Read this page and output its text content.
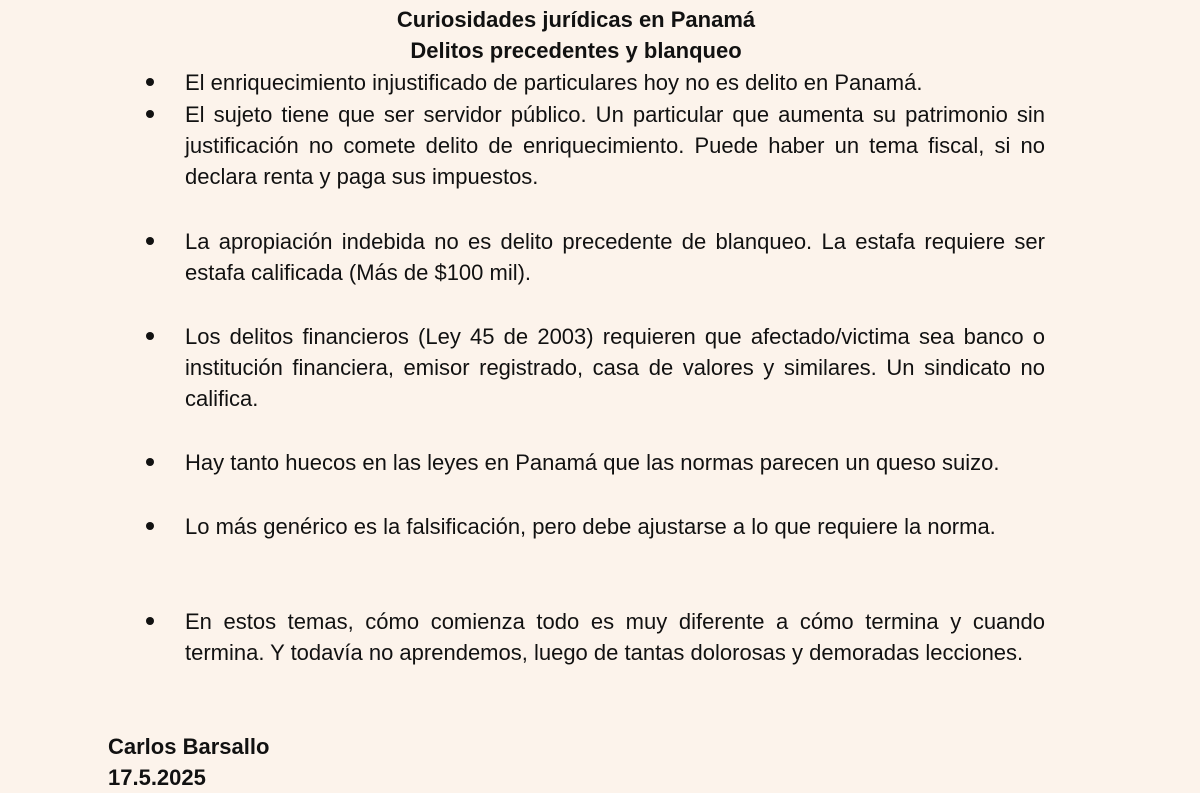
Curiosidades jurídicas en Panamá
Delitos precedentes y blanqueo
El enriquecimiento injustificado de particulares hoy no es delito en Panamá.
El sujeto tiene que ser servidor público. Un particular que aumenta su patrimonio sin justificación no comete delito de enriquecimiento. Puede haber un tema fiscal, si no declara renta y paga sus impuestos.
La apropiación indebida no es delito precedente de blanqueo. La estafa requiere ser estafa calificada (Más de $100 mil).
Los delitos financieros (Ley 45 de 2003) requieren que afectado/victima sea banco o institución financiera, emisor registrado, casa de valores y similares. Un sindicato no califica.
Hay tanto huecos en las leyes en Panamá que las normas parecen un queso suizo.
Lo más genérico es la falsificación, pero debe ajustarse a lo que requiere la norma.
En estos temas, cómo comienza todo es muy diferente a cómo termina y cuando termina. Y todavía no aprendemos, luego de tantas dolorosas y demoradas lecciones.

Carlos Barsallo

17.5.2025
